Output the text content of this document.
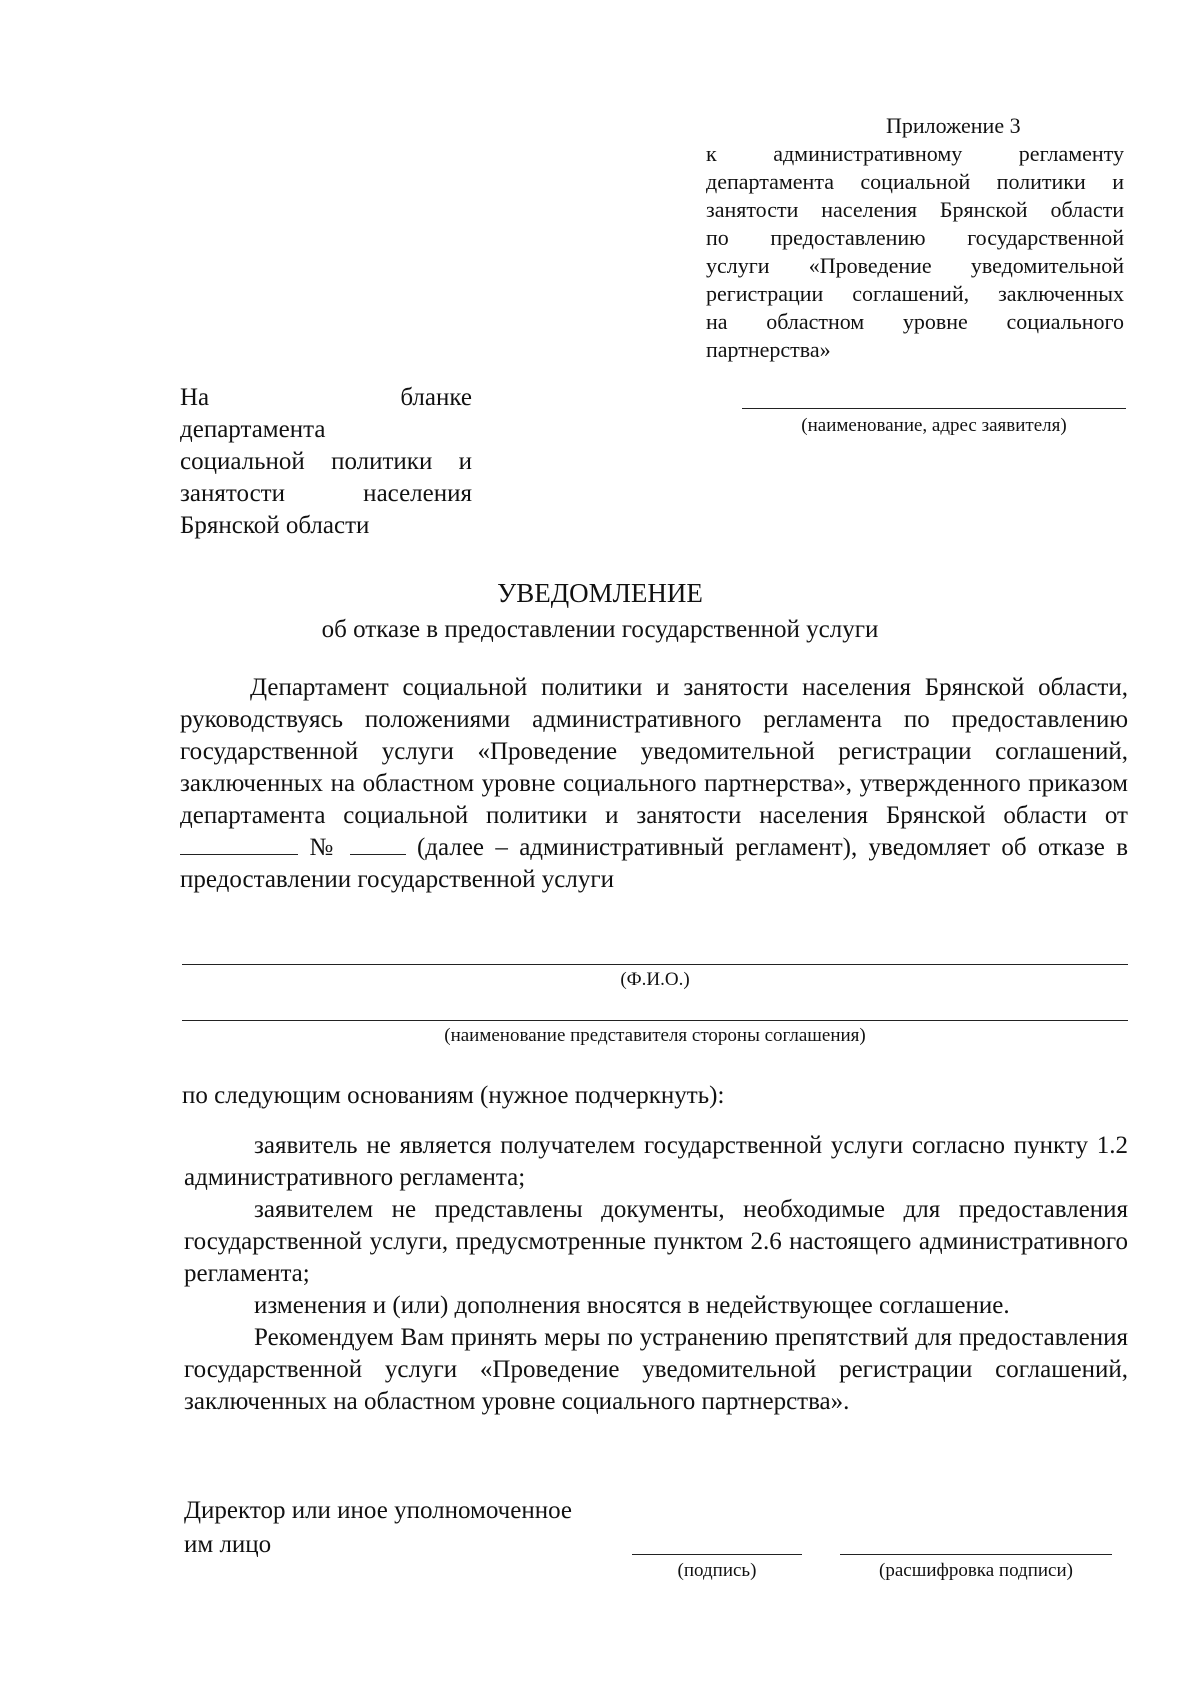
Приложение 3
к административному регламенту
департамента социальной политики и
занятости населения Брянской области
по предоставлению государственной
услуги «Проведение уведомительной
регистрации соглашений, заключенных
на областном уровне социального
партнерства»
На бланке
департамента
социальной политики и
занятости населения
Брянской области
(наименование, адрес заявителя)
УВЕДОМЛЕНИЕ
об отказе в предоставлении государственной услуги
Департамент социальной политики и занятости населения Брянской области, руководствуясь положениями административного регламента по предоставлению государственной услуги «Проведение уведомительной регистрации соглашений, заключенных на областном уровне социального партнерства», утвержденного приказом департамента социальной политики и занятости населения Брянской области от  №	(далее – административный регламент), уведомляет об отказе в предоставлении государственной услуги
(Ф.И.О.)
(наименование представителя стороны соглашения)
по следующим основаниям (нужное подчеркнуть):

заявитель не является получателем государственной услуги согласно пункту 1.2 административного регламента;

заявителем не представлены документы, необходимые для предоставления государственной услуги, предусмотренные пунктом 2.6 настоящего административного регламента;

изменения и (или) дополнения вносятся в недействующее соглашение.

Рекомендуем Вам принять меры по устранению препятствий для предоставления государственной услуги «Проведение уведомительной регистрации соглашений, заключенных на областном уровне социального партнерства».

Директор или иное уполномоченное
им лицо
(подпись)	(расшифровка подписи)
